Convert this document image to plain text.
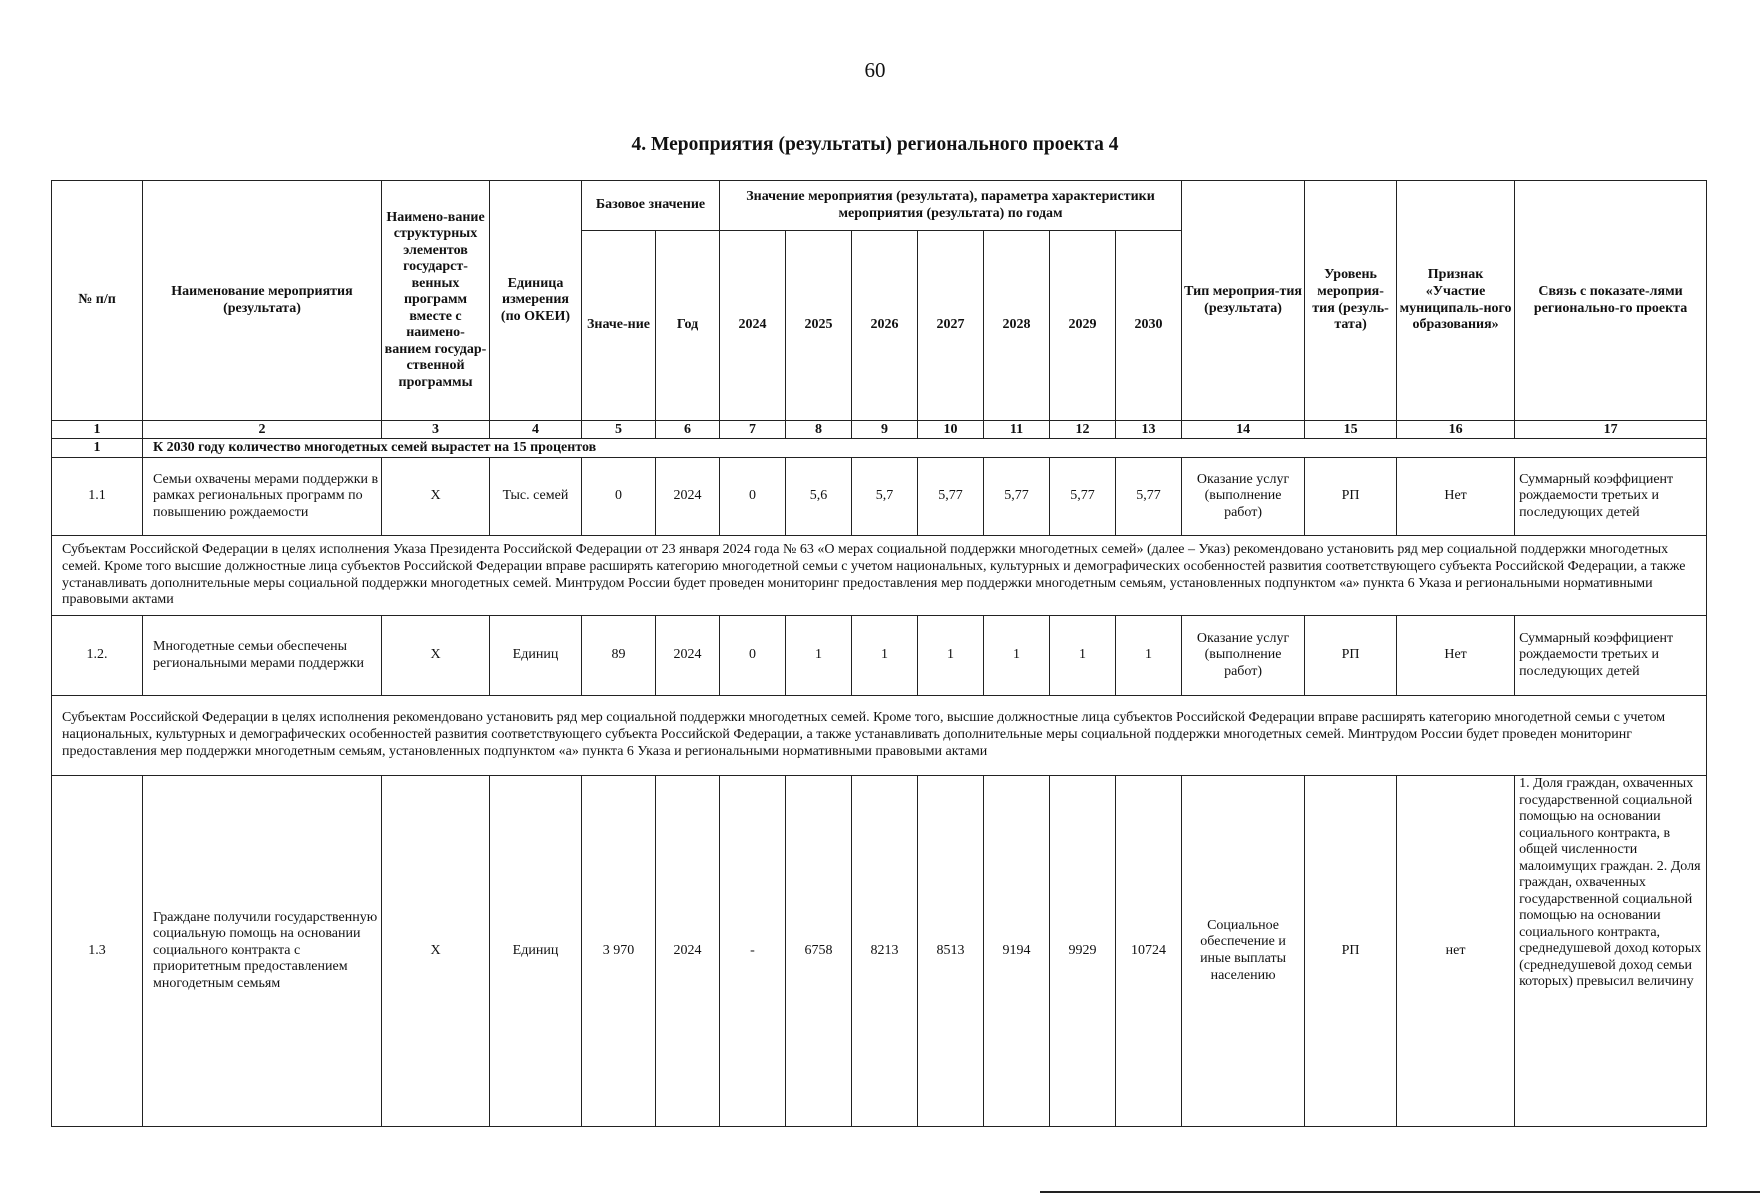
60
4. Мероприятия (результаты) регионального проекта 4
№ п/п	Наименование мероприятия (результата)	Наимено-вание структурных элементов государст-венных программ вместе с наимено-ванием государ-ственной программы	Единица измерения (по ОКЕИ)	Базовое значение		Значение мероприятия (результата), параметра характеристики мероприятия (результата) по годам							Тип мероприя-тия (результата)	Уровень мероприя-тия (резуль-тата)	Признак «Участие муниципаль-ного образования»	Связь с показате-лями регионально-го проекта
				Значе-ние	Год	2024	2025	2026	2027	2028	2029	2030				
1	2	3	4	5	6	7	8	9	10	11	12	13	14	15	16	17
1	К 2030 году количество многодетных семей вырастет на 15 процентов															
1.1	Семьи охвачены мерами поддержки в рамках региональных программ по повышению рождаемости	Х	Тыс. семей	0	2024	0	5,6	5,7	5,77	5,77	5,77	5,77	Оказание услуг (выполнение работ)	РП	Нет	Суммарный коэффициент рождаемости третьих и последующих детей
Субъектам Российской Федерации в целях исполнения Указа Президента Российской Федерации от 23 января 2024 года № 63 «О мерах социальной поддержки многодетных семей» (далее – Указ) рекомендовано установить ряд мер социальной поддержки многодетных семей. Кроме того высшие должностные лица субъектов Российской Федерации вправе расширять категорию многодетной семьи с учетом национальных, культурных и демографических особенностей развития соответствующего субъекта Российской Федерации, а также устанавливать дополнительные меры социальной поддержки многодетных семей. Минтрудом России будет проведен мониторинг предоставления мер поддержки многодетным семьям, установленных подпунктом «а» пункта 6 Указа и региональными нормативными правовыми актами																
1.2.	Многодетные семьи обеспечены региональными мерами поддержки	Х	Единиц	89	2024	0	1	1	1	1	1	1	Оказание услуг (выполнение работ)	РП	Нет	Суммарный коэффициент рождаемости третьих и последующих детей
Субъектам Российской Федерации в целях исполнения рекомендовано установить ряд мер социальной поддержки многодетных семей. Кроме того, высшие должностные лица субъектов Российской Федерации вправе расширять категорию многодетной семьи с учетом национальных, культурных и демографических особенностей развития соответствующего субъекта Российской Федерации, а также устанавливать дополнительные меры социальной поддержки многодетных семей. Минтрудом России будет проведен мониторинг предоставления мер поддержки многодетным семьям, установленных подпунктом «а» пункта 6 Указа и региональными нормативными правовыми актами																
1.3	Граждане получили государственную социальную помощь на основании социального контракта с приоритетным предоставлением многодетным семьям	Х	Единиц	3 970	2024	-	6758	8213	8513	9194	9929	10724	Социальное обеспечение и иные выплаты населению	РП	нет	1. Доля граждан, охваченных государственной социальной помощью на основании социального контракта, в общей численности малоимущих граждан. 2. Доля граждан, охваченных государственной социальной помощью на основании социального контракта, среднедушевой доход которых (среднедушевой доход семьи которых) превысил величину
